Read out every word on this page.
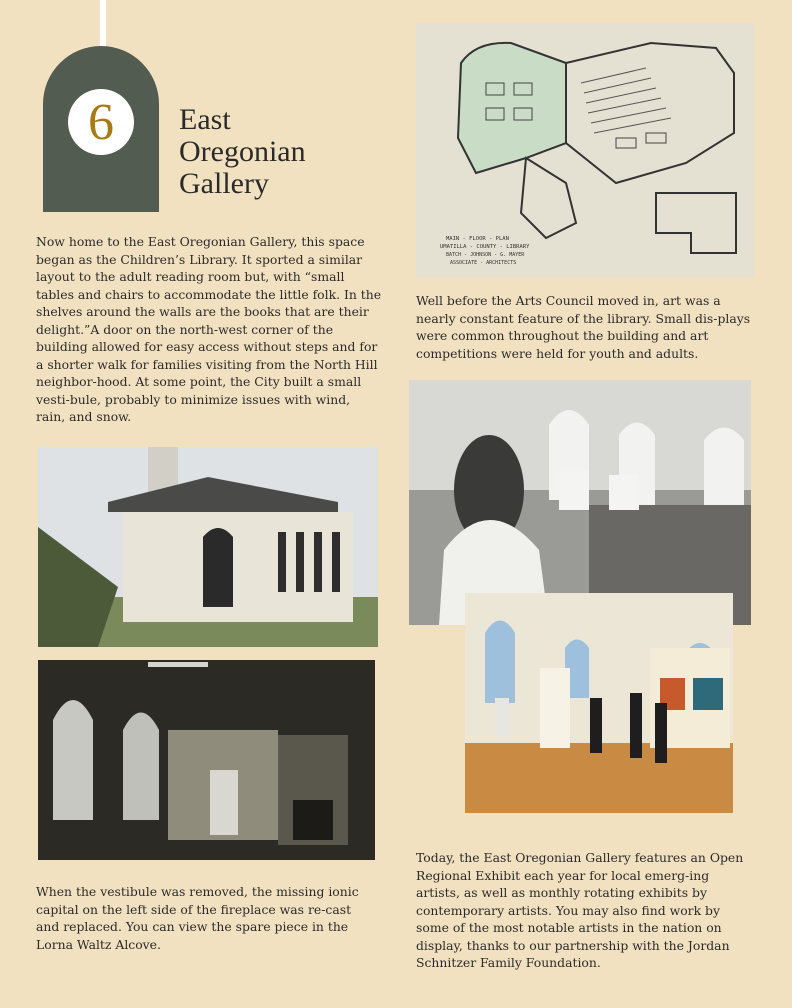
6	East
Oregonian
Gallery

Now home to the East Oregonian Gallery, this space began as the Children’s Library. It sported a similar layout to the adult reading room but, with “small tables and chairs to accommodate the little folk. In the shelves around the walls are the books that are their delight.”A door on the north-west corner of the building allowed for easy access without steps and for a shorter walk for families visiting from the North Hill neighbor-hood. At some point, the City built a small vesti-bule, probably to minimize issues with wind, rain, and snow.

MAIN - FLOOR - PLAN
UMATILLA - COUNTY - LIBRARY
BATCH - JOHNSON - G. MAYER
ASSOCIATE - ARCHITECTS

Well before the Arts Council moved in, art was a nearly constant feature of the library. Small dis-plays were common throughout the building and art competitions were held for youth and adults.

When the vestibule was removed, the missing ionic capital on the left side of the fireplace was re-cast and replaced. You can view the spare piece in the Lorna Waltz Alcove.

Today, the East Oregonian Gallery features an Open Regional Exhibit each year for local emerg-ing artists, as well as monthly rotating exhibits by contemporary artists. You may also find work by some of the most notable artists in the nation on display, thanks to our partnership with the Jordan Schnitzer Family Foundation.
